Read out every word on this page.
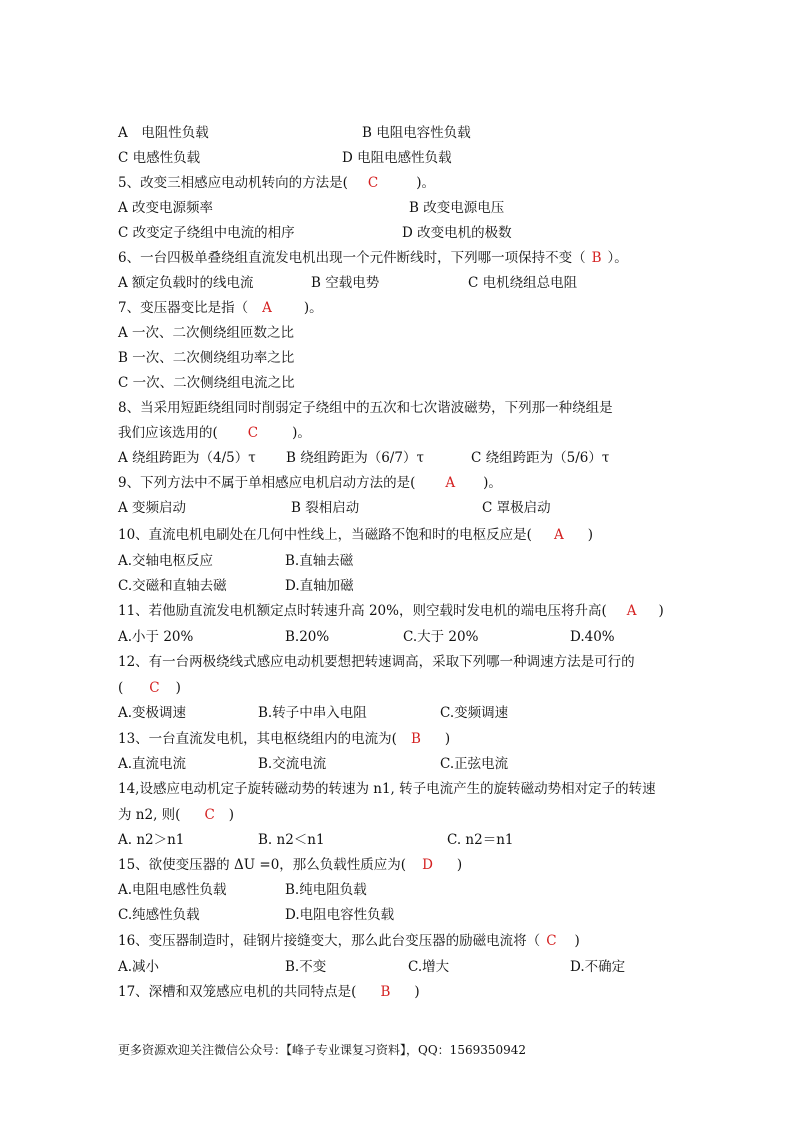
A　电阻性负载	B 电阻电容性负载
C 电感性负载	D 电阻电感性负载
5、改变三相感应电动机转向的方法是( C	)。
A 改变电源频率	B 改变电源电压
C 改变定子绕组中电流的相序	D 改变电机的极数
6、一台四极单叠绕组直流发电机出现一个元件断线时，下列哪一项保持不变（ B ）。
A 额定负载时的线电流	B 空载电势	C 电机绕组总电阻
7、变压器变比是指（ A )。
A 一次、二次侧绕组匝数之比
B 一次、二次侧绕组功率之比
C 一次、二次侧绕组电流之比
8、当采用短距绕组同时削弱定子绕组中的五次和七次谐波磁势，下列那一种绕组是
我们应该选用的( C	)。
A 绕组跨距为（4/5）τ B 绕组跨距为（6/7）τ	C 绕组跨距为（5/6）τ
9、下列方法中不属于单相感应电机启动方法的是( A )。
A 变频启动	B 裂相启动	C 罩极启动
10、直流电机电刷处在几何中性线上，当磁路不饱和时的电枢反应是( A )
A.交轴电枢反应	B.直轴去磁
C.交磁和直轴去磁	D.直轴加磁
11、若他励直流发电机额定点时转速升高 20%，则空载时发电机的端电压将升高( A )
A.小于 20%	B.20%	C.大于 20%	D.40%
12、有一台两极绕线式感应电动机要想把转速调高，采取下列哪一种调速方法是可行的
( C )
A.变极调速	B.转子中串入电阻	C.变频调速
13、一台直流发电机，其电枢绕组内的电流为( B )
A.直流电流	B.交流电流	C.正弦电流
14,设感应电动机定子旋转磁动势的转速为 n1, 转子电流产生的旋转磁动势相对定子的转速
为 n2, 则( C )
A. n2＞n1	B. n2＜n1	C. n2＝n1
15、欲使变压器的 ΔU =0，那么负载性质应为( D )
A.电阻电感性负载	B.纯电阻负载
C.纯感性负载	D.电阻电容性负载
16、变压器制造时，硅钢片接缝变大，那么此台变压器的励磁电流将（ C )
A.减小	B.不变	C.增大	D.不确定
17、深槽和双笼感应电机的共同特点是( B )
更多资源欢迎关注微信公众号：【峰子专业课复习资料】，QQ：1569350942
